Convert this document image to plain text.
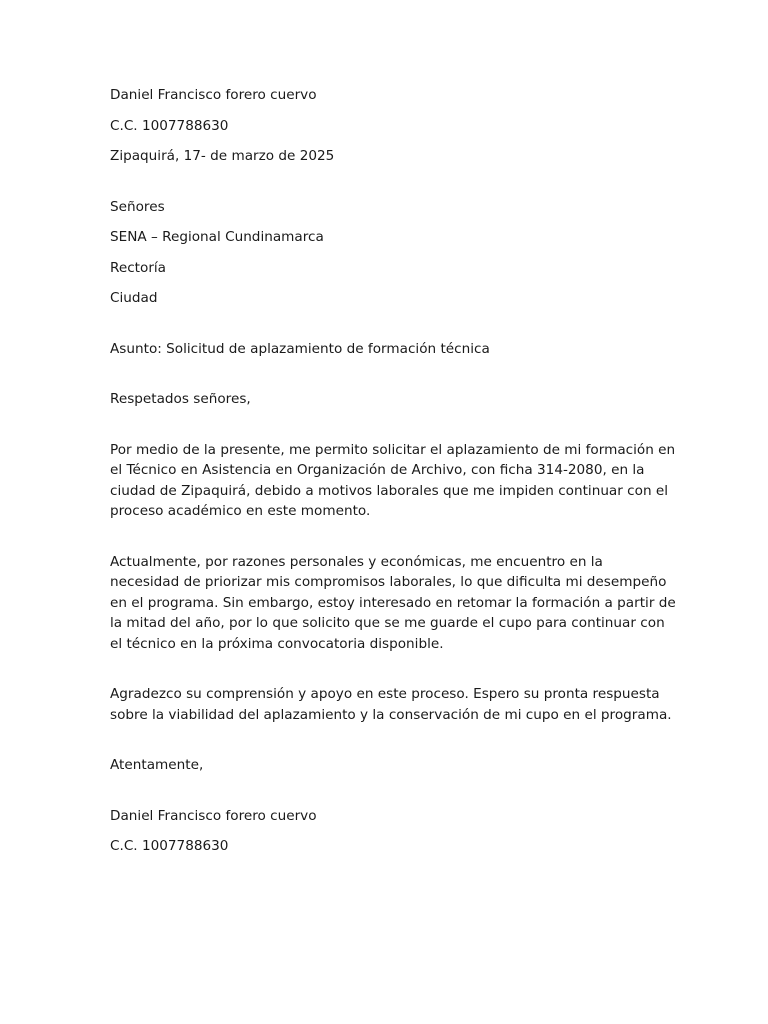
Daniel Francisco forero cuervo
C.C. 1007788630
Zipaquirá, 17- de marzo de 2025
Señores
SENA – Regional Cundinamarca
Rectoría
Ciudad
Asunto: Solicitud de aplazamiento de formación técnica
Respetados señores,
Por medio de la presente, me permito solicitar el aplazamiento de mi formación en
el Técnico en Asistencia en Organización de Archivo, con ficha 314-2080, en la
ciudad de Zipaquirá, debido a motivos laborales que me impiden continuar con el
proceso académico en este momento.
Actualmente, por razones personales y económicas, me encuentro en la
necesidad de priorizar mis compromisos laborales, lo que dificulta mi desempeño
en el programa. Sin embargo, estoy interesado en retomar la formación a partir de
la mitad del año, por lo que solicito que se me guarde el cupo para continuar con
el técnico en la próxima convocatoria disponible.
Agradezco su comprensión y apoyo en este proceso. Espero su pronta respuesta
sobre la viabilidad del aplazamiento y la conservación de mi cupo en el programa.
Atentamente,
Daniel Francisco forero cuervo
C.C. 1007788630
